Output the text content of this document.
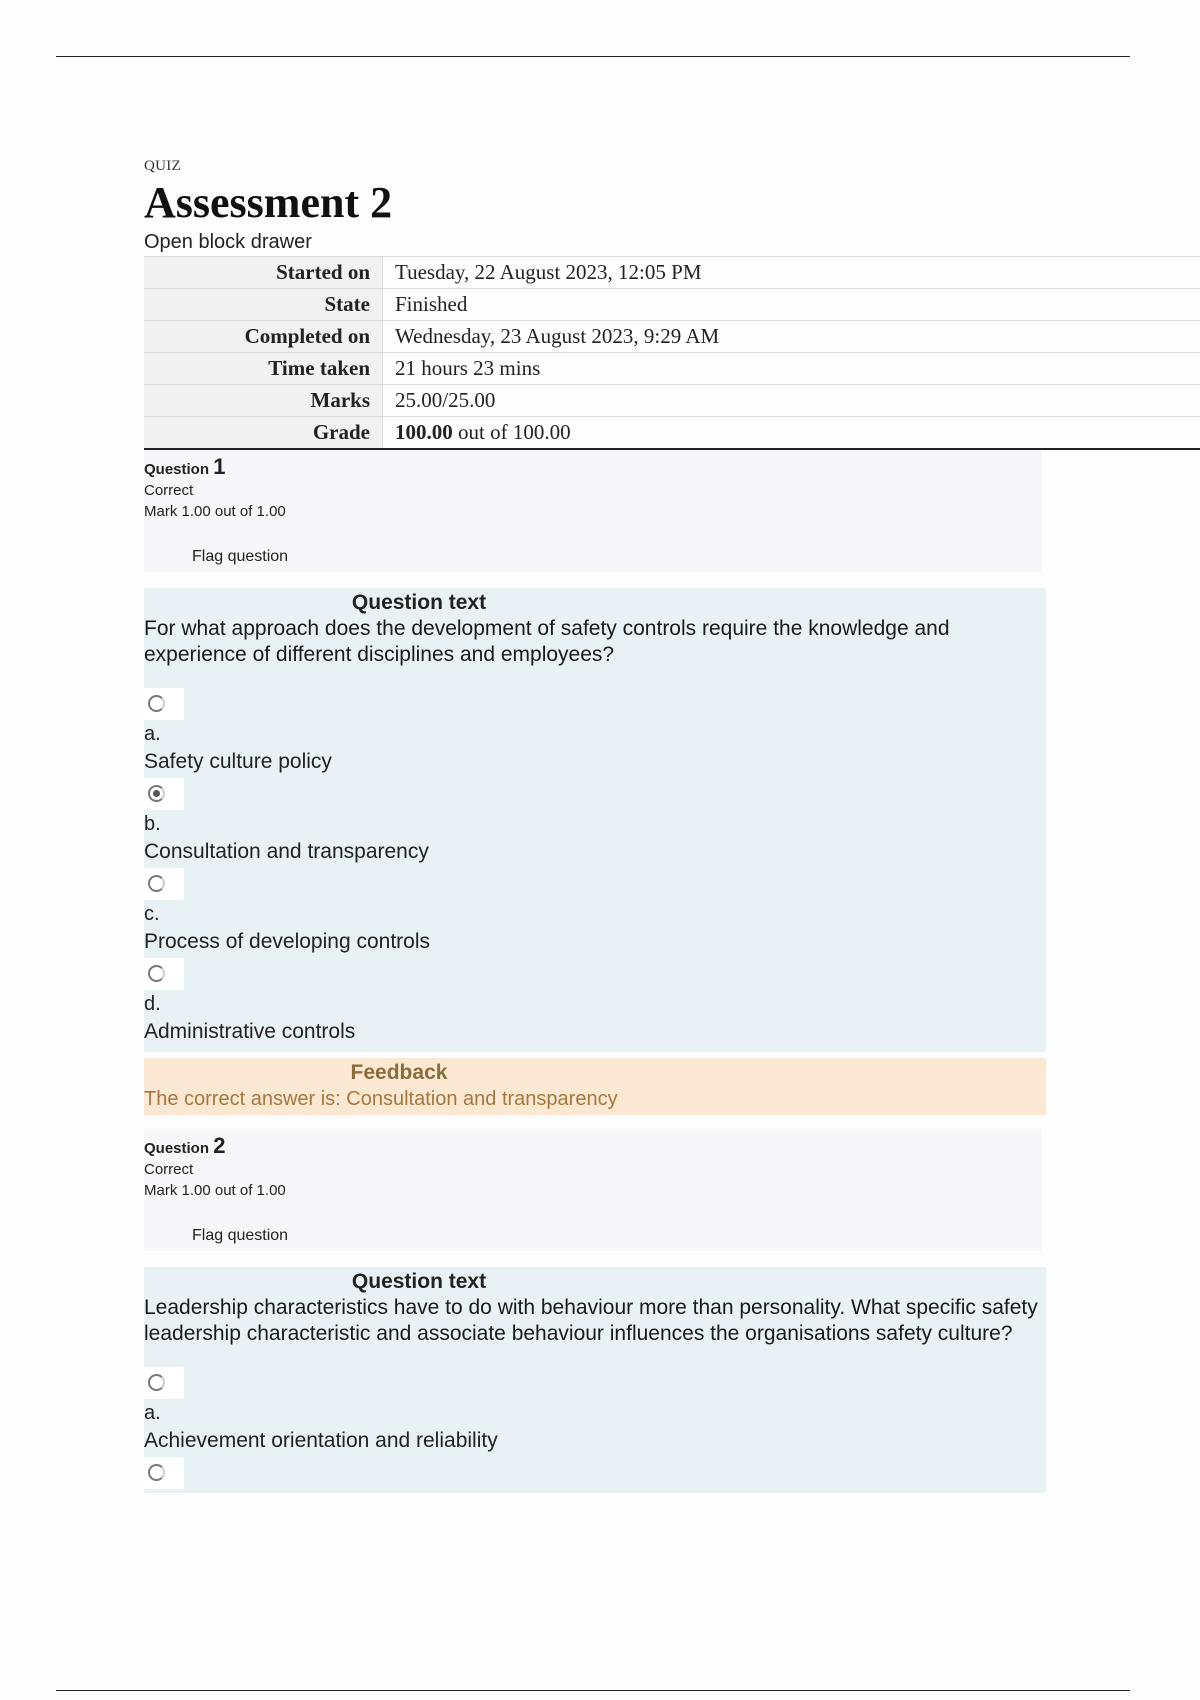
QUIZ
Assessment 2
Open block drawer
Started on	Tuesday, 22 August 2023, 12:05 PM
State	Finished
Completed on	Wednesday, 23 August 2023, 9:29 AM
Time taken	21 hours 23 mins
Marks	25.00/25.00
Grade	100.00 out of 100.00
Question 1
Correct
Mark 1.00 out of 1.00
Flag question
Question text
For what approach does the development of safety controls require the knowledge and experience of different disciplines and employees?
a.
Safety culture policy
b.
Consultation and transparency
c.
Process of developing controls
d.
Administrative controls
Feedback
The correct answer is: Consultation and transparency
Question 2
Correct
Mark 1.00 out of 1.00
Flag question
Question text
Leadership characteristics have to do with behaviour more than personality. What specific safety leadership characteristic and associate behaviour influences the organisations safety culture?
a.
Achievement orientation and reliability
